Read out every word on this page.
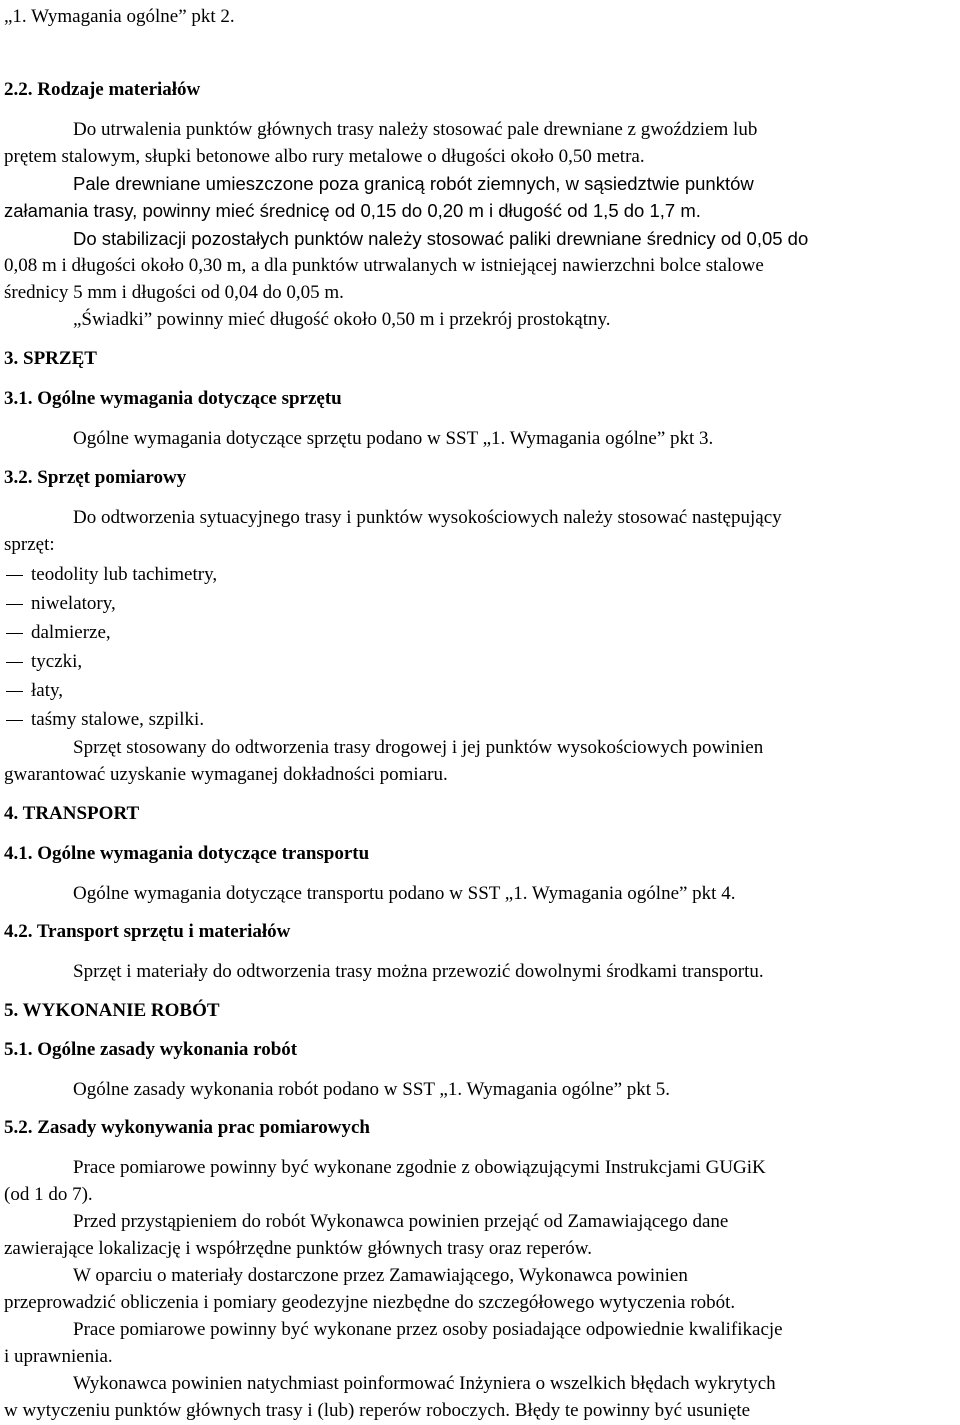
„1. Wymagania ogólne” pkt 2.
2.2. Rodzaje materiałów
Do utrwalenia punktów głównych trasy należy stosować pale drewniane z gwoździem lub
prętem stalowym, słupki betonowe albo rury metalowe o długości około 0,50 metra.
Pale drewniane umieszczone poza granicą robót ziemnych, w sąsiedztwie punktów
załamania trasy, powinny mieć średnicę od 0,15 do 0,20 m i długość od 1,5 do 1,7 m.
Do stabilizacji pozostałych punktów należy stosować paliki drewniane średnicy od 0,05 do
0,08 m i długości około 0,30 m, a dla punktów utrwalanych w istniejącej nawierzchni bolce stalowe
średnicy 5 mm i długości od 0,04 do 0,05 m.
„Świadki” powinny mieć długość około 0,50 m i przekrój prostokątny.
3. SPRZĘT
3.1. Ogólne wymagania dotyczące sprzętu
Ogólne wymagania dotyczące sprzętu podano w SST „1. Wymagania ogólne” pkt 3.
3.2. Sprzęt pomiarowy
Do odtworzenia sytuacyjnego trasy i punktów wysokościowych należy stosować następujący
sprzęt:
teodolity lub tachimetry,
niwelatory,
dalmierze,
tyczki,
łaty,
taśmy stalowe, szpilki.
Sprzęt stosowany do odtworzenia trasy drogowej i jej punktów wysokościowych powinien
gwarantować uzyskanie wymaganej dokładności pomiaru.
4. TRANSPORT
4.1. Ogólne wymagania dotyczące transportu
Ogólne wymagania dotyczące transportu podano w SST „1. Wymagania ogólne” pkt 4.
4.2. Transport sprzętu i materiałów
Sprzęt i materiały do odtworzenia trasy można przewozić dowolnymi środkami transportu.
5. WYKONANIE ROBÓT
5.1. Ogólne zasady wykonania robót
Ogólne zasady wykonania robót podano w SST „1. Wymagania ogólne” pkt 5.
5.2. Zasady wykonywania prac pomiarowych
Prace pomiarowe powinny być wykonane zgodnie z obowiązującymi Instrukcjami GUGiK
(od 1 do 7).
Przed przystąpieniem do robót Wykonawca powinien przejąć od Zamawiającego dane
zawierające lokalizację i współrzędne punktów głównych trasy oraz reperów.
W oparciu o materiały dostarczone przez Zamawiającego, Wykonawca powinien
przeprowadzić obliczenia i pomiary geodezyjne niezbędne do szczegółowego wytyczenia robót.
Prace pomiarowe powinny być wykonane przez osoby posiadające odpowiednie kwalifikacje
i uprawnienia.
Wykonawca powinien natychmiast poinformować Inżyniera o wszelkich błędach wykrytych
w wytyczeniu punktów głównych trasy i (lub) reperów roboczych. Błędy te powinny być usunięte
